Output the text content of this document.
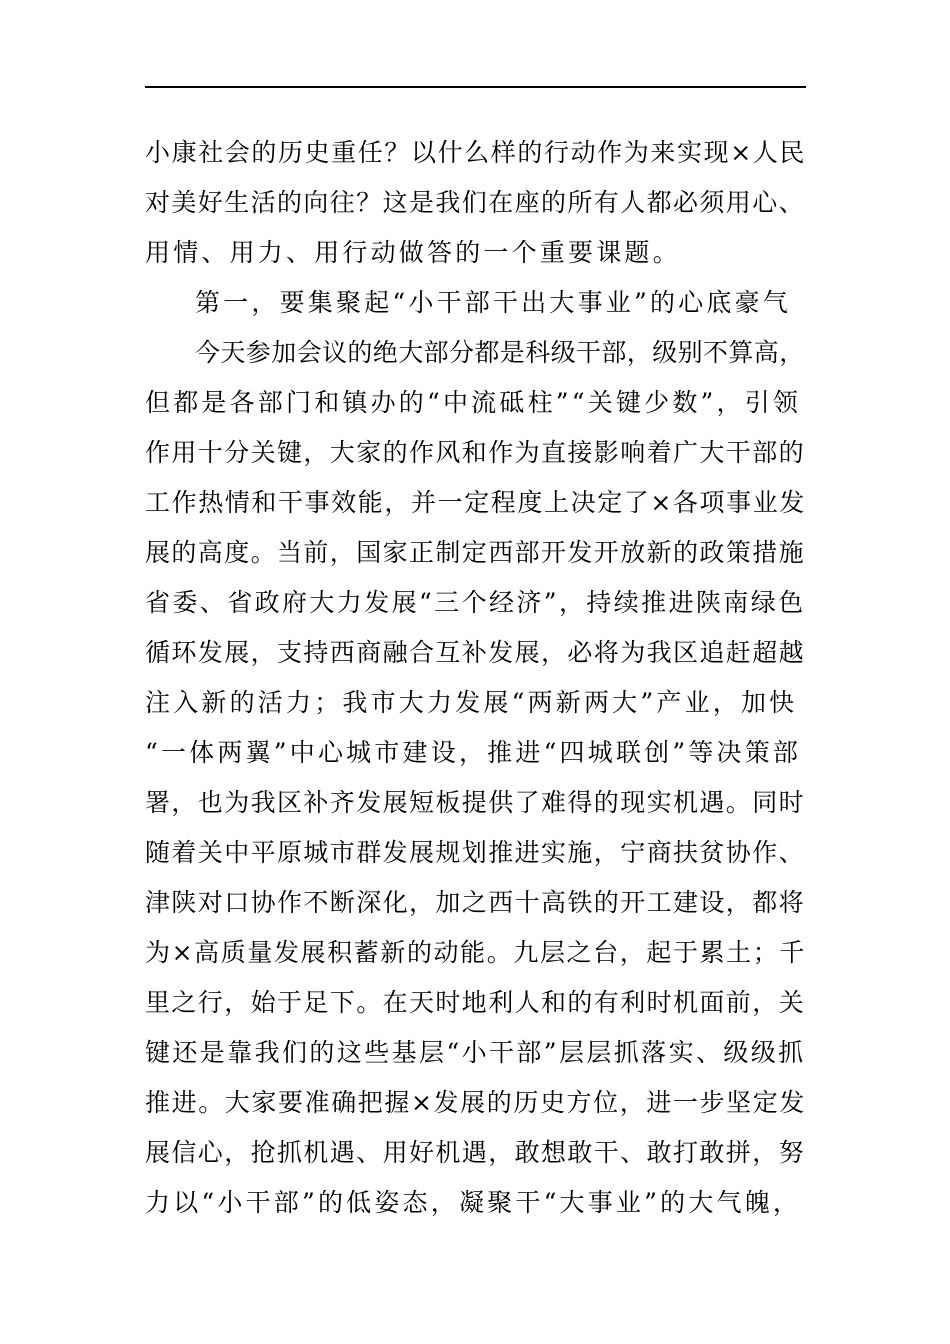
小康社会的历史重任？以什么样的行动作为来实现×人民
对美好生活的向往？这是我们在座的所有人都必须用心、
用情、用力、用行动做答的一个重要课题。
第一，要集聚起“小干部干出大事业”的心底豪气
今天参加会议的绝大部分都是科级干部，级别不算高，
但都是各部门和镇办的“中流砥柱”“关键少数”，引领
作用十分关键，大家的作风和作为直接影响着广大干部的
工作热情和干事效能，并一定程度上决定了×各项事业发
展的高度。当前，国家正制定西部开发开放新的政策措施
省委、省政府大力发展“三个经济”，持续推进陕南绿色
循环发展，支持西商融合互补发展，必将为我区追赶超越
注入新的活力；我市大力发展“两新两大”产业，加快
“一体两翼”中心城市建设，推进“四城联创”等决策部
署，也为我区补齐发展短板提供了难得的现实机遇。同时
随着关中平原城市群发展规划推进实施，宁商扶贫协作、
津陕对口协作不断深化，加之西十高铁的开工建设，都将
为×高质量发展积蓄新的动能。九层之台，起于累土；千
里之行，始于足下。在天时地利人和的有利时机面前，关
键还是靠我们的这些基层“小干部”层层抓落实、级级抓
推进。大家要准确把握×发展的历史方位，进一步坚定发
展信心，抢抓机遇、用好机遇，敢想敢干、敢打敢拼，努
力以“小干部”的低姿态，凝聚干“大事业”的大气魄，
